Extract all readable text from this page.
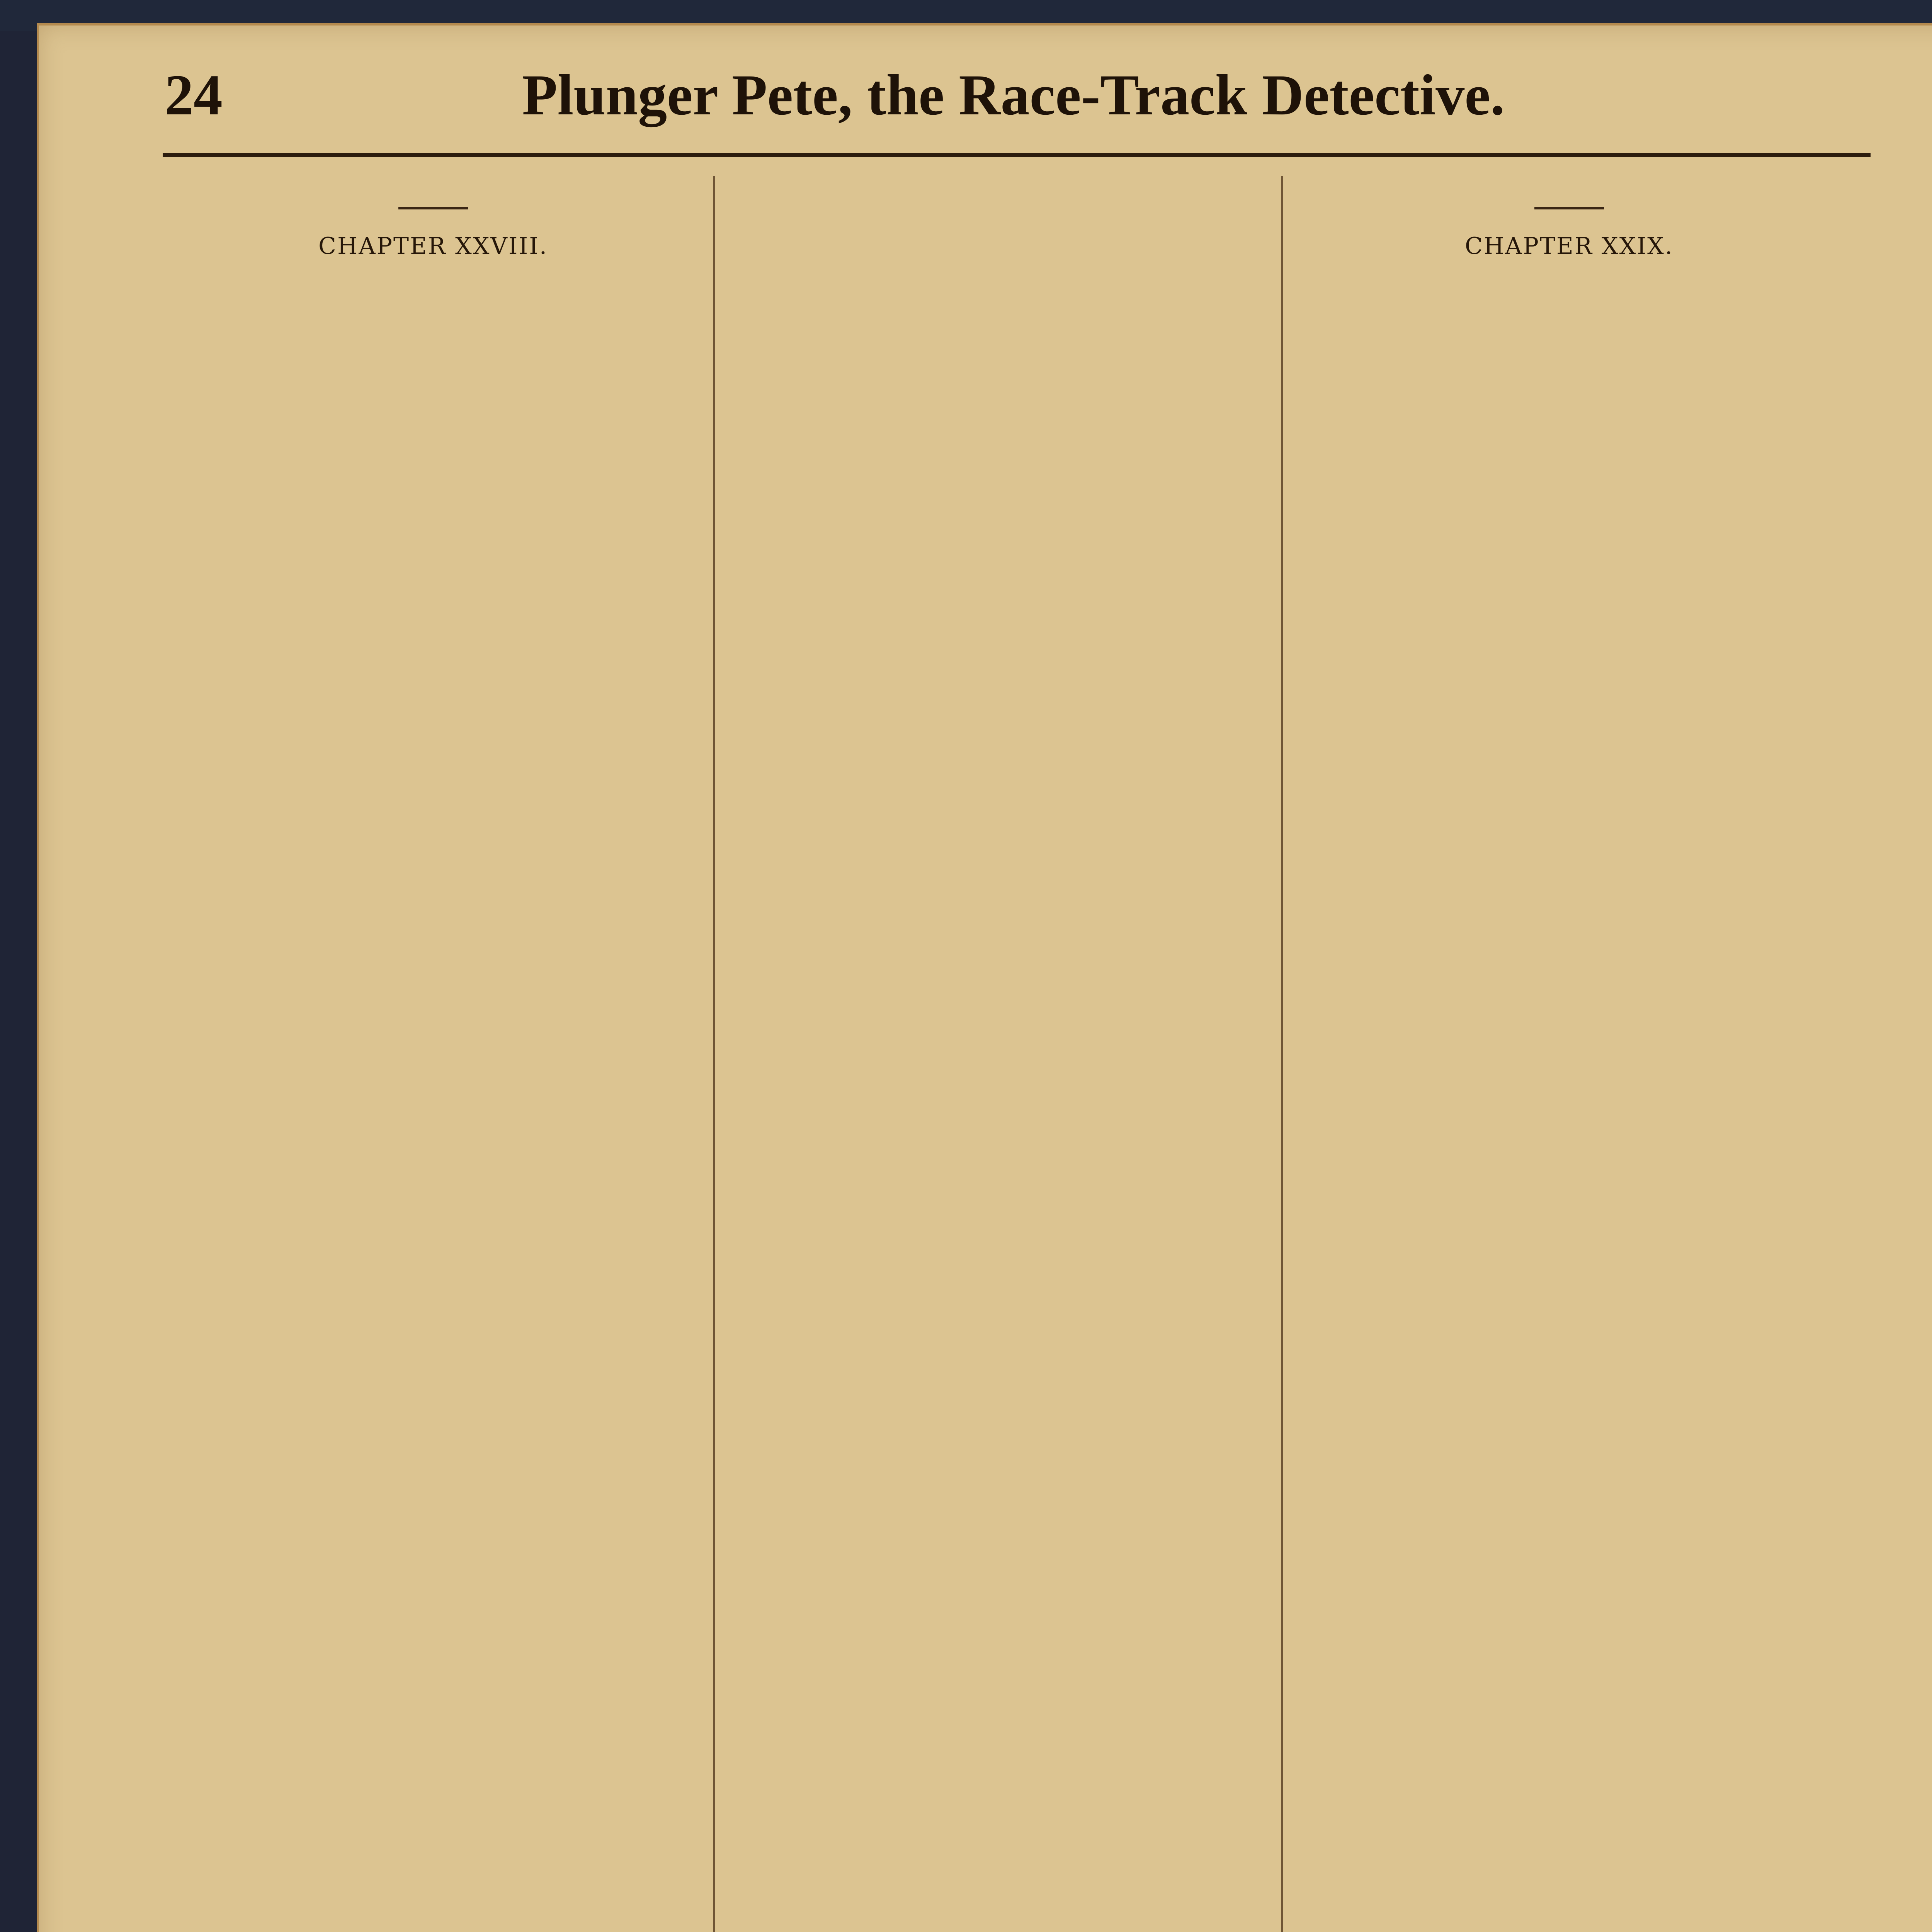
24	Plunger Pete, the Race-Track Detective.
CHAPTER XXVIII.	CHAPTER XXIX.
